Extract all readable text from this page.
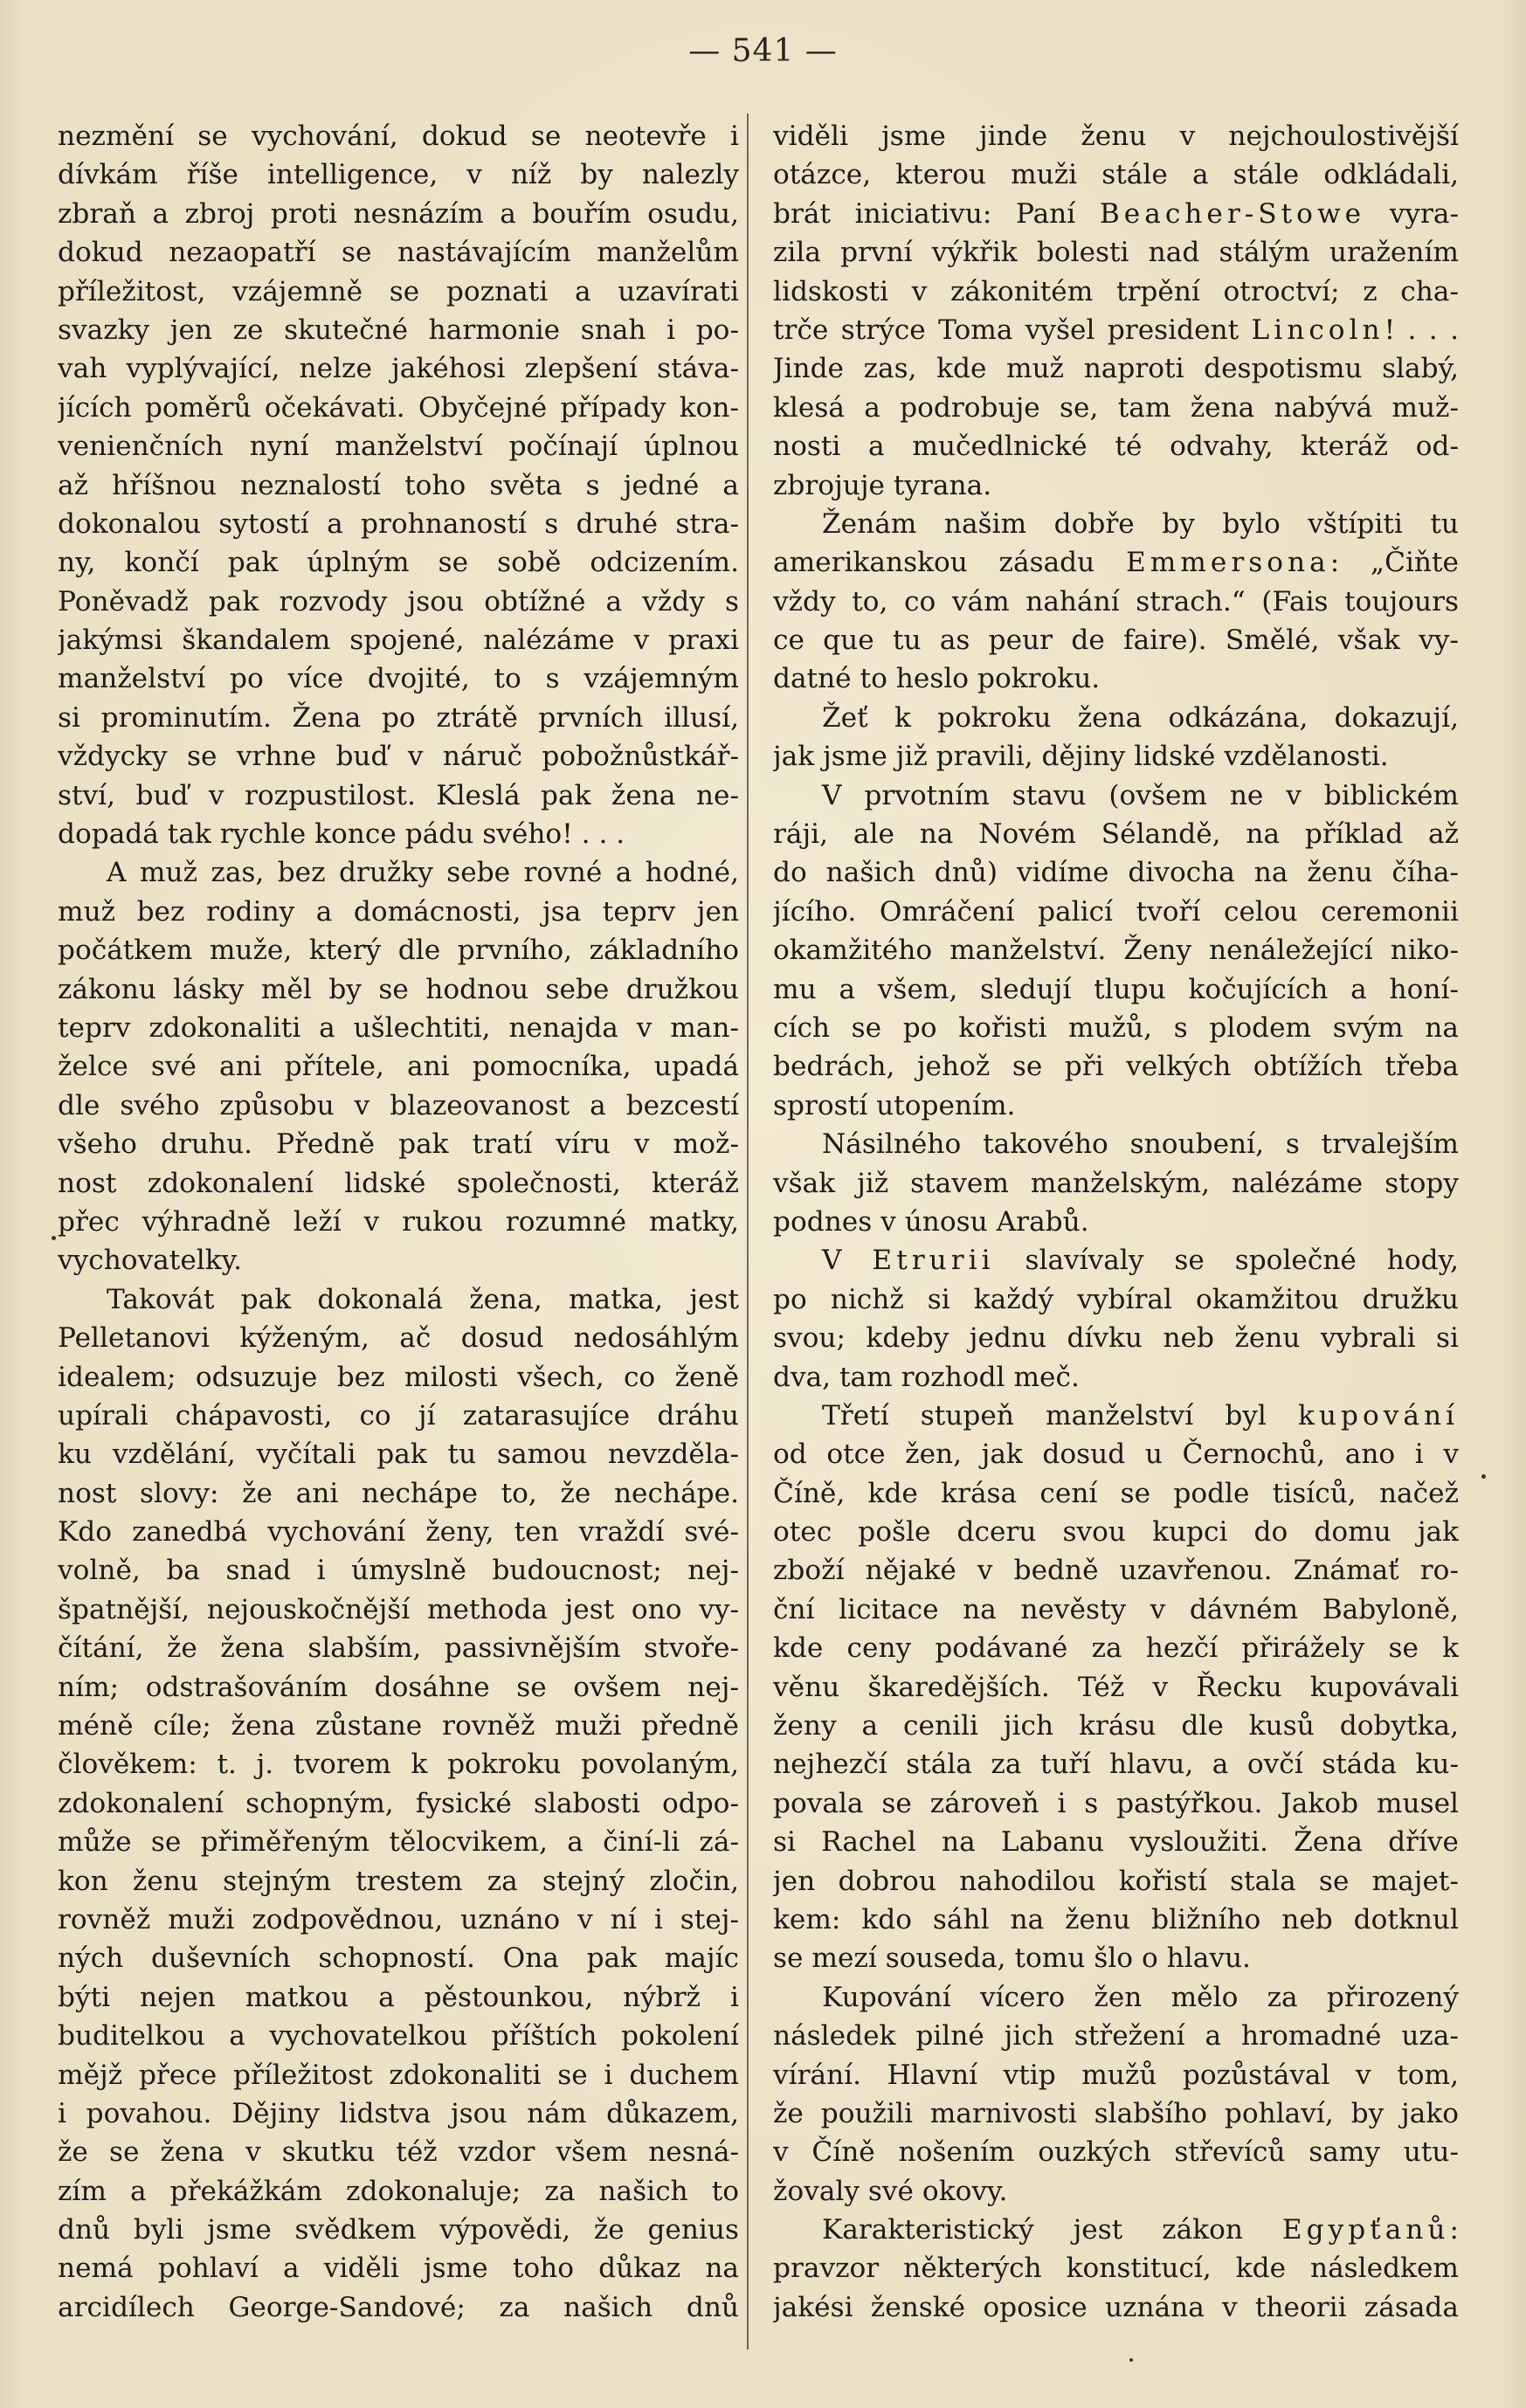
— 541 —
nezmění se vychování, dokud se neotevře i
dívkám říše intelligence, v níž by nalezly
zbraň a zbroj proti nesnázím a bouřím osudu,
dokud nezaopatří se nastávajícím manželům
příležitost, vzájemně se poznati a uzavírati
svazky jen ze skutečné harmonie snah i po-
vah vyplývající, nelze jakéhosi zlepšení stáva-
jících poměrů očekávati. Obyčejné případy kon-
venienčních nyní manželství počínají úplnou
až hříšnou neznalostí toho světa s jedné a
dokonalou sytostí a prohnaností s druhé stra-
ny, končí pak úplným se sobě odcizením.
Poněvadž pak rozvody jsou obtížné a vždy s
jakýmsi škandalem spojené, nalézáme v praxi
manželství po více dvojité, to s vzájemným
si prominutím. Žena po ztrátě prvních illusí,
vždycky se vrhne buď v náruč pobožnůstkář-
ství, buď v rozpustilost. Kleslá pak žena ne-
dopadá tak rychle konce pádu svého! . . .
A muž zas, bez družky sebe rovné a hodné,
muž bez rodiny a domácnosti, jsa teprv jen
počátkem muže, který dle prvního, základního
zákonu lásky měl by se hodnou sebe družkou
teprv zdokonaliti a ušlechtiti, nenajda v man-
želce své ani přítele, ani pomocníka, upadá
dle svého způsobu v blazeovanost a bezcestí
všeho druhu. Předně pak tratí víru v mož-
nost zdokonalení lidské společnosti, kteráž
přec výhradně leží v rukou rozumné matky,
vychovatelky.
Takovát pak dokonalá žena, matka, jest
Pelletanovi kýženým, ač dosud nedosáhlým
idealem; odsuzuje bez milosti všech, co ženě
upírali chápavosti, co jí zatarasujíce dráhu
ku vzdělání, vyčítali pak tu samou nevzděla-
nost slovy: že ani nechápe to, že nechápe.
Kdo zanedbá vychování ženy, ten vraždí své-
volně, ba snad i úmyslně budoucnost; nej-
špatnější, nejouskočnější methoda jest ono vy-
čítání, že žena slabším, passivnějším stvoře-
ním; odstrašováním dosáhne se ovšem nej-
méně cíle; žena zůstane rovněž muži předně
člověkem: t. j. tvorem k pokroku povolaným,
zdokonalení schopným, fysické slabosti odpo-
může se přiměřeným tělocvikem, a činí-li zá-
kon ženu stejným trestem za stejný zločin,
rovněž muži zodpovědnou, uznáno v ní i stej-
ných duševních schopností. Ona pak majíc
býti nejen matkou a pěstounkou, nýbrž i
buditelkou a vychovatelkou příštích pokolení
mějž přece příležitost zdokonaliti se i duchem
i povahou. Dějiny lidstva jsou nám důkazem,
že se žena v skutku též vzdor všem nesná-
zím a překážkám zdokonaluje; za našich to
dnů byli jsme svědkem výpovědi, že genius
nemá pohlaví a viděli jsme toho důkaz na
arcidílech George-Sandové; za našich dnů
viděli jsme jinde ženu v nejchoulostivější
otázce, kterou muži stále a stále odkládali,
brát iniciativu: Paní Beacher-Stowe vyra-
zila první výkřik bolesti nad stálým uražením
lidskosti v zákonitém trpění otroctví; z cha-
trče strýce Toma vyšel president Lincoln! . . .
Jinde zas, kde muž naproti despotismu slabý,
klesá a podrobuje se, tam žena nabývá muž-
nosti a mučedlnické té odvahy, kteráž od-
zbrojuje tyrana.
Ženám našim dobře by bylo vštípiti tu
amerikanskou zásadu Emmersona: „Čiňte
vždy to, co vám nahání strach.“ (Fais toujours
ce que tu as peur de faire). Smělé, však vy-
datné to heslo pokroku.
Žeť k pokroku žena odkázána, dokazují,
jak jsme již pravili, dějiny lidské vzdělanosti.
V prvotním stavu (ovšem ne v biblickém
ráji, ale na Novém Sélandě, na příklad až
do našich dnů) vidíme divocha na ženu číha-
jícího. Omráčení palicí tvoří celou ceremonii
okamžitého manželství. Ženy nenáležející niko-
mu a všem, sledují tlupu kočujících a honí-
cích se po kořisti mužů, s plodem svým na
bedrách, jehož se při velkých obtížích třeba
sprostí utopením.
Násilného takového snoubení, s trvalejším
však již stavem manželským, nalézáme stopy
podnes v únosu Arabů.
V Etrurii slavívaly se společné hody,
po nichž si každý vybíral okamžitou družku
svou; kdeby jednu dívku neb ženu vybrali si
dva, tam rozhodl meč.
Třetí stupeň manželství byl kupování
od otce žen, jak dosud u Černochů, ano i v
Číně, kde krása cení se podle tisíců, načež
otec pošle dceru svou kupci do domu jak
zboží nějaké v bedně uzavřenou. Známať ro-
ční licitace na nevěsty v dávném Babyloně,
kde ceny podávané za hezčí přirážely se k
věnu škaredějších. Též v Řecku kupovávali
ženy a cenili jich krásu dle kusů dobytka,
nejhezčí stála za tuří hlavu, a ovčí stáda ku-
povala se zároveň i s pastýřkou. Jakob musel
si Rachel na Labanu vysloužiti. Žena dříve
jen dobrou nahodilou kořistí stala se majet-
kem: kdo sáhl na ženu bližního neb dotknul
se mezí souseda, tomu šlo o hlavu.
Kupování vícero žen mělo za přirozený
následek pilné jich střežení a hromadné uza-
vírání. Hlavní vtip mužů pozůstával v tom,
že použili marnivosti slabšího pohlaví, by jako
v Číně nošením ouzkých střevíců samy utu-
žovaly své okovy.
Karakteristický jest zákon Egypťanů:
pravzor některých konstitucí, kde následkem
jakési ženské oposice uznána v theorii zásada
